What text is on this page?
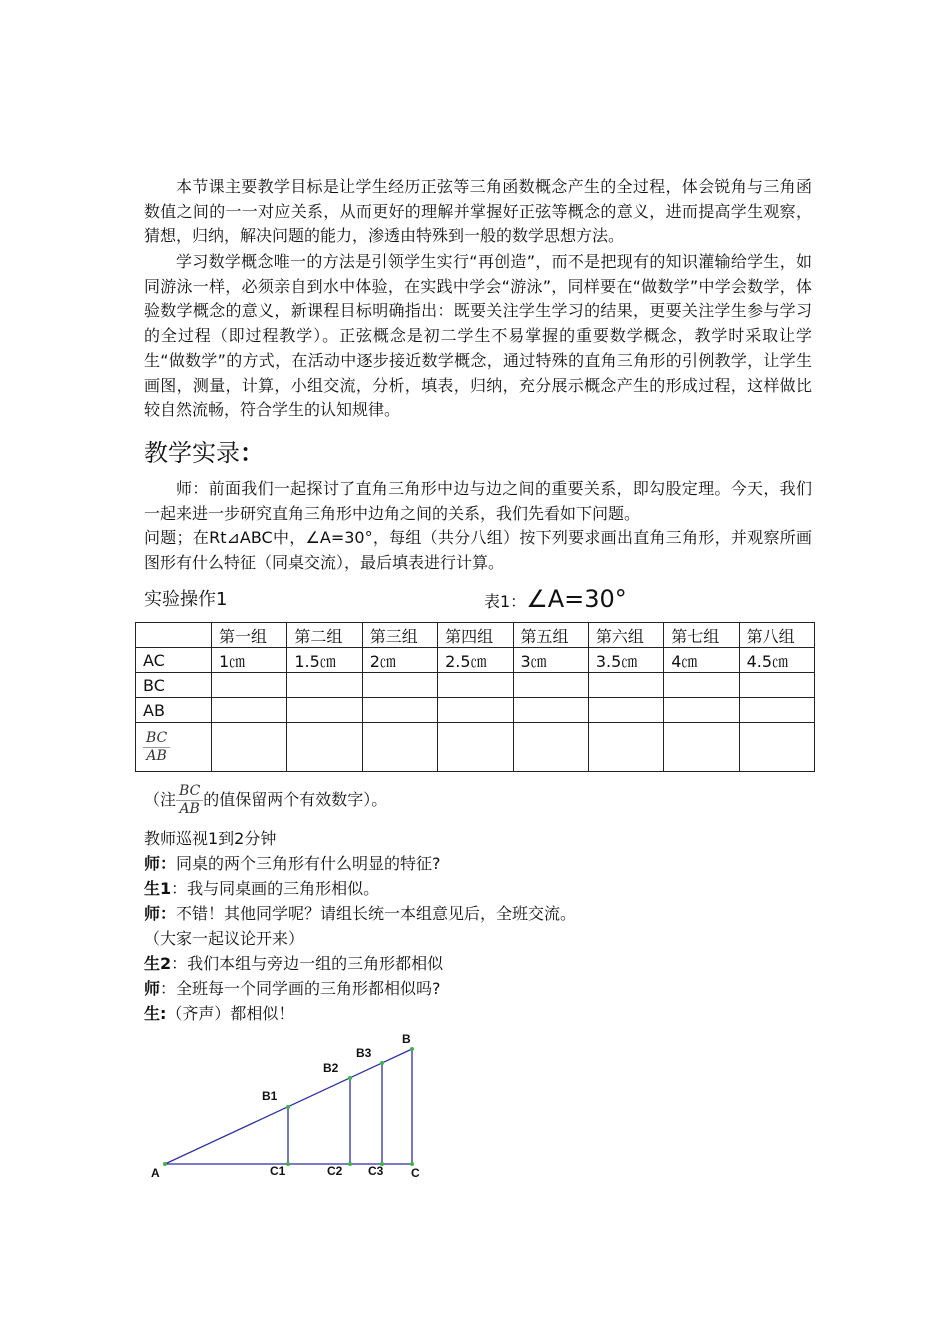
本节课主要教学目标是让学生经历正弦等三角函数概念产生的全过程，体会锐角与三角函数值之间的一一对应关系，从而更好的理解并掌握好正弦等概念的意义，进而提高学生观察，猜想，归纳，解决问题的能力，渗透由特殊到一般的数学思想方法。

学习数学概念唯一的方法是引领学生实行“再创造”，而不是把现有的知识灌输给学生，如同游泳一样，必须亲自到水中体验，在实践中学会“游泳”，同样要在“做数学”中学会数学，体验数学概念的意义，新课程目标明确指出：既要关注学生学习的结果，更要关注学生参与学习的全过程（即过程教学）。正弦概念是初二学生不易掌握的重要数学概念，教学时采取让学生“做数学”的方式，在活动中逐步接近数学概念，通过特殊的直角三角形的引例教学，让学生画图，测量，计算，小组交流，分析，填表，归纳，充分展示概念产生的形成过程，这样做比较自然流畅，符合学生的认知规律。

教学实录：

师：前面我们一起探讨了直角三角形中边与边之间的重要关系，即勾股定理。今天，我们一起来进一步研究直角三角形中边角之间的关系，我们先看如下问题。

问题；在Rt⊿ABC中，∠A=30°，每组（共分八组）按下列要求画出直角三角形，并观察所画图形有什么特征（同桌交流），最后填表进行计算。

实验操作1	表1：∠A=30°
	第一组	第二组	第三组	第四组	第五组	第六组	第七组	第八组
AC	1㎝	1.5㎝	2㎝	2.5㎝	3㎝	3.5㎝	4㎝	4.5㎝
BC								
AB								

$\frac{BC}{AB}$

（注 $\frac{BC}{AB}$ 的值保留两个有效数字）。

教师巡视1到2分钟

师：同桌的两个三角形有什么明显的特征?

生1：我与同桌画的三角形相似。

师：不错！其他同学呢？请组长统一本组意见后，全班交流。

（大家一起议论开来）

生2：我们本组与旁边一组的三角形都相似

师：全班每一个同学画的三角形都相似吗?

生:（齐声）都相似！

A
B1
B2
B3
B
C1	C2 C3 C
